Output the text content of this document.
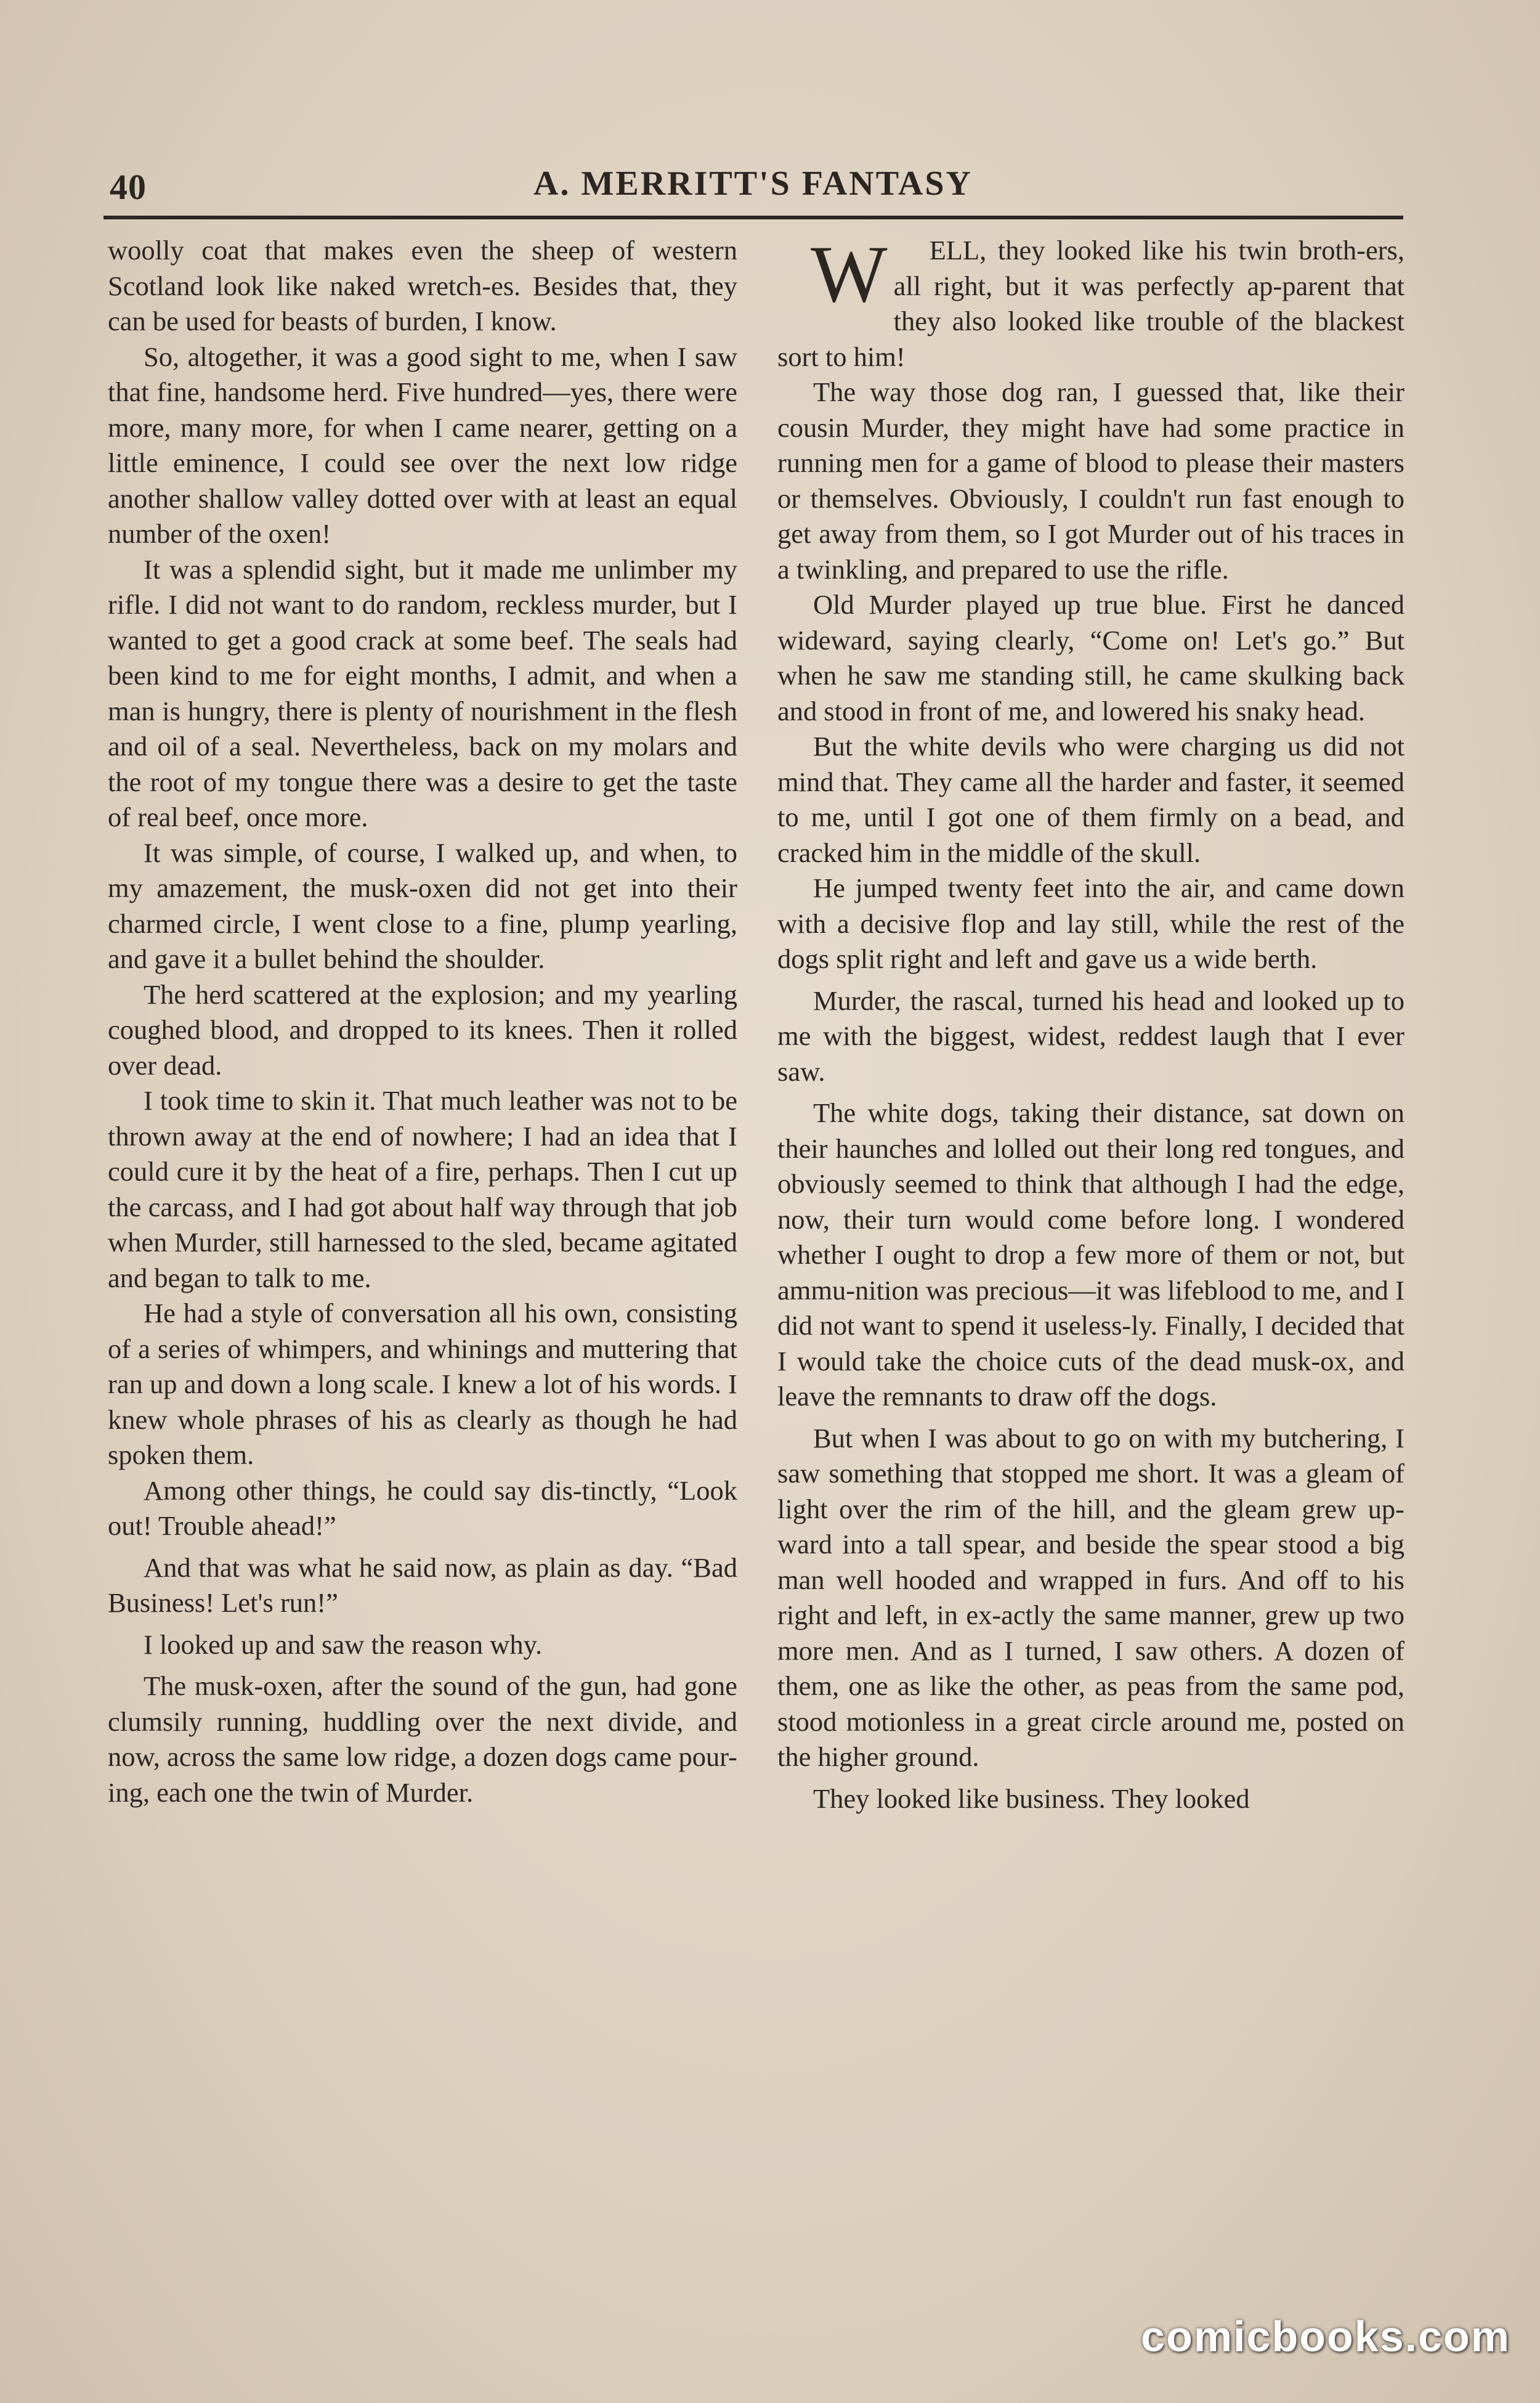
40	A. MERRITT'S FANTASY

woolly coat that makes even the sheep of western Scotland look like naked wretch-es. Besides that, they can be used for beasts of burden, I know.

So, altogether, it was a good sight to me, when I saw that fine, handsome herd. Five hundred—yes, there were more, many more, for when I came nearer, getting on a little eminence, I could see over the next low ridge another shallow valley dotted over with at least an equal number of the oxen!

It was a splendid sight, but it made me unlimber my rifle. I did not want to do random, reckless murder, but I wanted to get a good crack at some beef. The seals had been kind to me for eight months, I admit, and when a man is hungry, there is plenty of nourishment in the flesh and oil of a seal. Nevertheless, back on my molars and the root of my tongue there was a desire to get the taste of real beef, once more.

It was simple, of course, I walked up, and when, to my amazement, the musk-oxen did not get into their charmed circle, I went close to a fine, plump yearling, and gave it a bullet behind the shoulder.

The herd scattered at the explosion; and my yearling coughed blood, and dropped to its knees. Then it rolled over dead.

I took time to skin it. That much leather was not to be thrown away at the end of nowhere; I had an idea that I could cure it by the heat of a fire, perhaps. Then I cut up the carcass, and I had got about half way through that job when Murder, still harnessed to the sled, became agitated and began to talk to me.

He had a style of conversation all his own, consisting of a series of whimpers, and whinings and muttering that ran up and down a long scale. I knew a lot of his words. I knew whole phrases of his as clearly as though he had spoken them.

Among other things, he could say dis-tinctly, “Look out! Trouble ahead!”

And that was what he said now, as plain as day. “Bad Business! Let's run!”

I looked up and saw the reason why.

The musk-oxen, after the sound of the gun, had gone clumsily running, huddling over the next divide, and now, across the same low ridge, a dozen dogs came pour-ing, each one the twin of Murder.

W ELL, they looked like his twin broth-ers, all right, but it was perfectly ap-parent that they also looked like trouble of the blackest sort to him!

The way those dog ran, I guessed that, like their cousin Murder, they might have had some practice in running men for a game of blood to please their masters or themselves. Obviously, I couldn't run fast enough to get away from them, so I got Murder out of his traces in a twinkling, and prepared to use the rifle.

Old Murder played up true blue. First he danced wideward, saying clearly, “Come on! Let's go.” But when he saw me standing still, he came skulking back and stood in front of me, and lowered his snaky head.

But the white devils who were charging us did not mind that. They came all the harder and faster, it seemed to me, until I got one of them firmly on a bead, and cracked him in the middle of the skull.

He jumped twenty feet into the air, and came down with a decisive flop and lay still, while the rest of the dogs split right and left and gave us a wide berth.

Murder, the rascal, turned his head and looked up to me with the biggest, widest, reddest laugh that I ever saw.

The white dogs, taking their distance, sat down on their haunches and lolled out their long red tongues, and obviously seemed to think that although I had the edge, now, their turn would come before long. I wondered whether I ought to drop a few more of them or not, but ammu-nition was precious—it was lifeblood to me, and I did not want to spend it useless-ly. Finally, I decided that I would take the choice cuts of the dead musk-ox, and leave the remnants to draw off the dogs.

But when I was about to go on with my butchering, I saw something that stopped me short. It was a gleam of light over the rim of the hill, and the gleam grew up-ward into a tall spear, and beside the spear stood a big man well hooded and wrapped in furs. And off to his right and left, in ex-actly the same manner, grew up two more men. And as I turned, I saw others. A dozen of them, one as like the other, as peas from the same pod, stood motionless in a great circle around me, posted on the higher ground.

They looked like business. They looked

comicbooks.com
